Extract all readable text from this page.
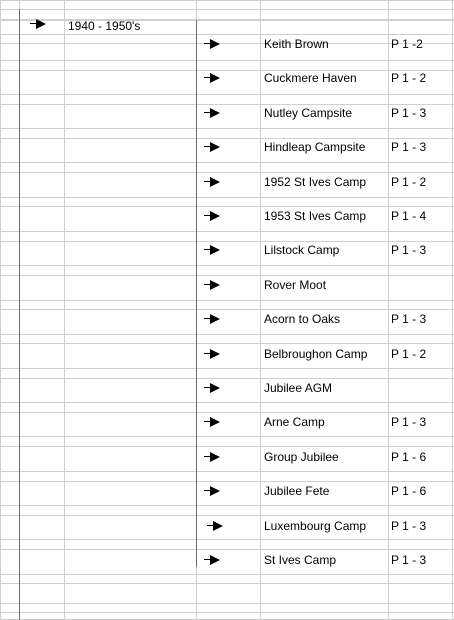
1940 - 1950's
Keith Brown	P 1 -2
Cuckmere Haven	P 1 - 2
Nutley Campsite	P 1 - 3
Hindleap Campsite P 1 - 3
1952 St Ives Camp P 1 - 2
1953 St Ives Camp P 1 - 4
Lilstock Camp	P 1 - 3
Rover Moot
Acorn to Oaks	P 1 - 3
Belbroughon Camp P 1 - 2
Jubilee AGM
Arne Camp	P 1 - 3
Group Jubilee	P 1 - 6
Jubilee Fete	P 1 - 6
Luxembourg Camp P 1 - 3
St Ives Camp	P 1 - 3
